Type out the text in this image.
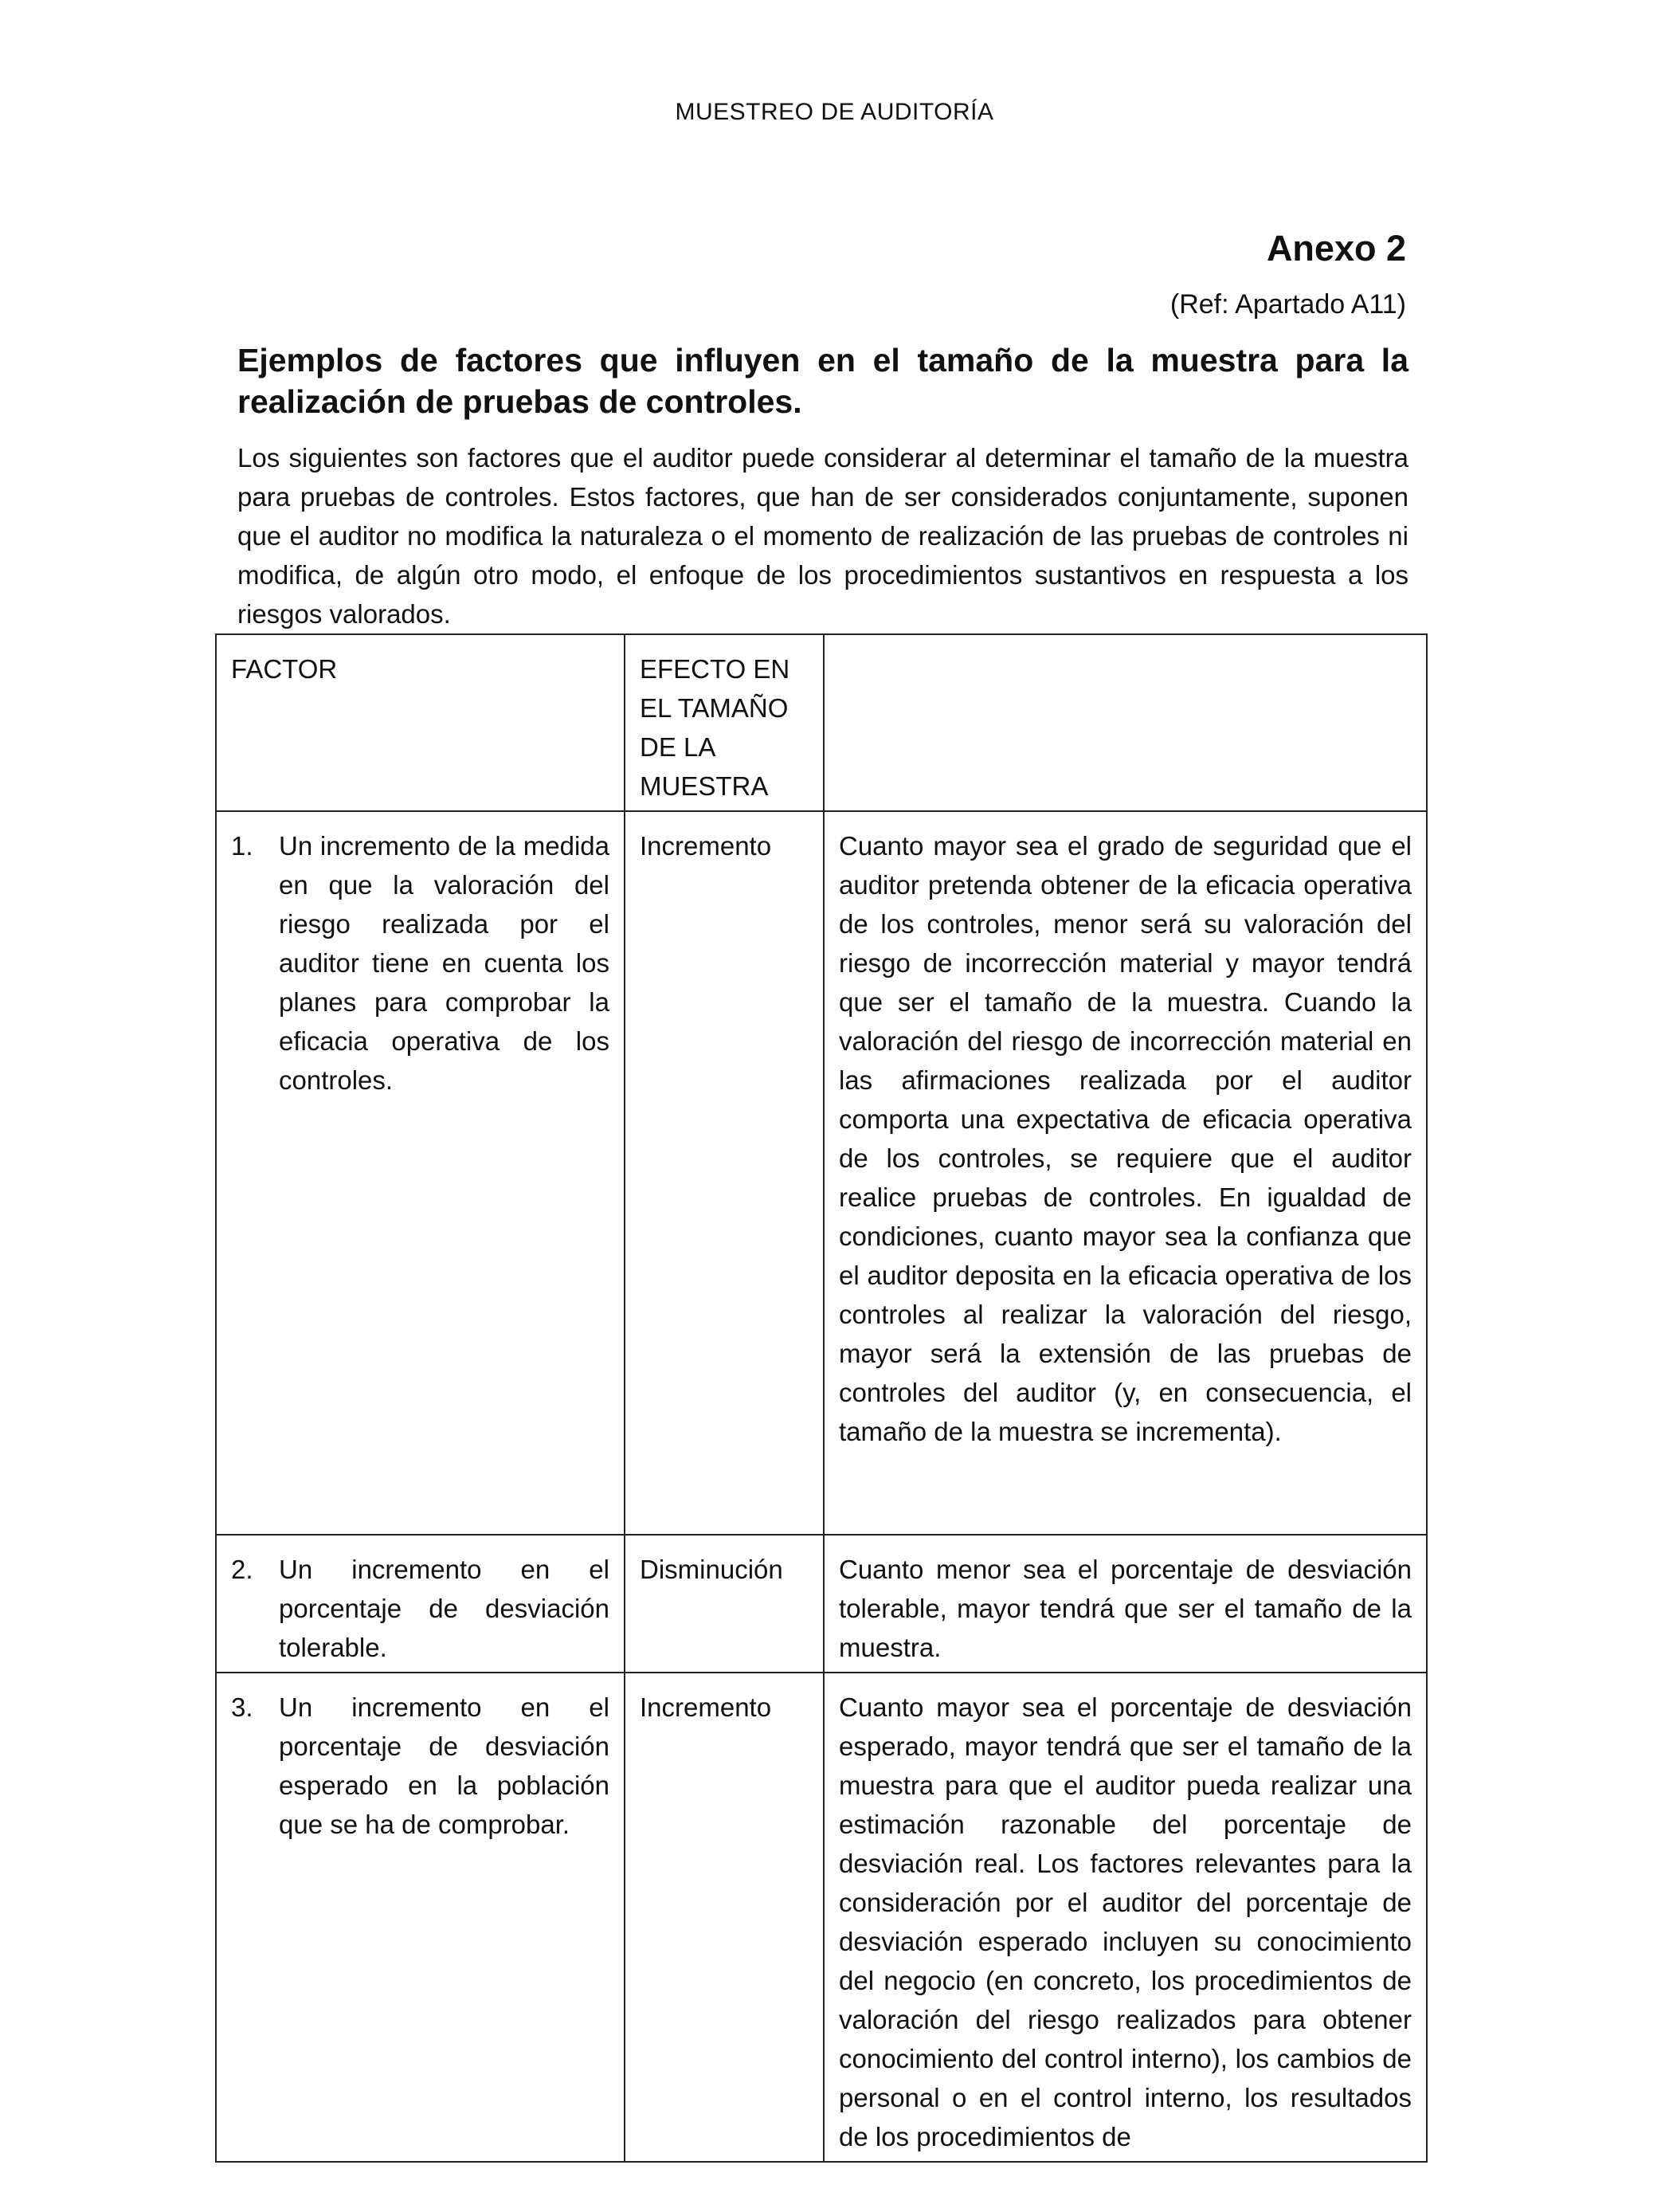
MUESTREO DE AUDITORÍA
Anexo 2
(Ref: Apartado A11)
Ejemplos de factores que influyen en el tamaño de la muestra para la realización de pruebas de controles.

Los siguientes son factores que el auditor puede considerar al determinar el tamaño de la muestra para pruebas de controles. Estos factores, que han de ser considerados conjuntamente, suponen que el auditor no modifica la naturaleza o el momento de realización de las pruebas de controles ni modifica, de algún otro modo, el enfoque de los procedimientos sustantivos en respuesta a los riesgos valorados.

FACTOR	EFECTO EN EL TAMAÑO DE LA MUESTRA	

1. Un incremento de la medida en que la valoración del riesgo realizada por el auditor tiene en cuenta los planes para comprobar la eficacia operativa de los controles.	Incremento	Cuanto mayor sea el grado de seguridad que el auditor pretenda obtener de la eficacia operativa de los controles, menor será su valoración del riesgo de incorrección material y mayor tendrá que ser el tamaño de la muestra. Cuando la valoración del riesgo de incorrección material en las afirmaciones realizada por el auditor comporta una expectativa de eficacia operativa de los controles, se requiere que el auditor realice pruebas de controles. En igualdad de condiciones, cuanto mayor sea la confianza que el auditor deposita en la eficacia operativa de los controles al realizar la valoración del riesgo, mayor será la extensión de las pruebas de controles del auditor (y, en consecuencia, el tamaño de la muestra se incrementa).

2. Un incremento en el porcentaje de desviación tolerable.	Disminución	Cuanto menor sea el porcentaje de desviación tolerable, mayor tendrá que ser el tamaño de la muestra.

3. Un incremento en el porcentaje de desviación esperado en la población que se ha de comprobar.	Incremento	Cuanto mayor sea el porcentaje de desviación esperado, mayor tendrá que ser el tamaño de la muestra para que el auditor pueda realizar una estimación razonable del porcentaje de desviación real. Los factores relevantes para la consideración por el auditor del porcentaje de desviación esperado incluyen su conocimiento del negocio (en concreto, los procedimientos de valoración del riesgo realizados para obtener conocimiento del control interno), los cambios de personal o en el control interno, los resultados de los procedimientos de
